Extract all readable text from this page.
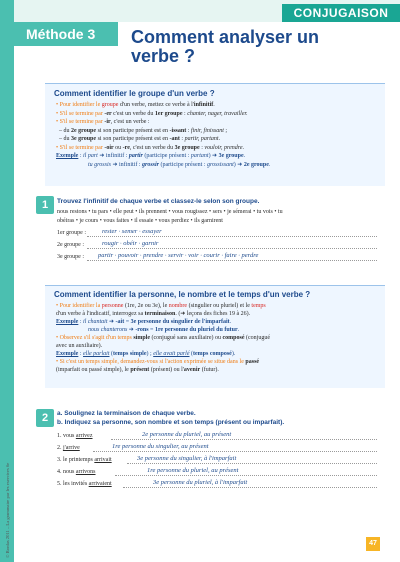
© Bordas 2011 – La grammaire par les exercices 6e
CONJUGAISON
Méthode 3 Comment analyser un verbe ?
Comment identifier le groupe d'un verbe ?
• Pour identifier le groupe d'un verbe, mettez ce verbe à l'infinitif.
• S'il se termine par -er c'est un verbe du 1er groupe : chanter, nager, travailler.
• S'il se termine par -ir, c'est un verbe :
– du 2e groupe si son participe présent est en -issant : finir, finissant ;
– du 3e groupe si son participe présent est en -ant : partir, partant.
• S'il se termine par -oir ou -re, c'est un verbe du 3e groupe : vouloir, prendre.
Exemple : il part ➜ infinitif : partir (participe présent : partant) ➜ 3e groupe.
tu grossis ➜ infinitif : grossir (participe présent : grossissant) ➜ 2e groupe.
1	Trouvez l'infinitif de chaque verbe et classez-le selon son groupe.
nous restons • tu pars • elle peut • ils prennent • vous rougissez • sers • je sémerai • tu vois • tu
obéiras • je cours • vous faites • il essaie • vous perdiez • ils garnirent
1er groupe : rester · semer · essayer
2e groupe :	rougir · obéir · garnir
3e groupe : partir · pouvoir · prendre · servir · voir · courir · faire · perdre
Comment identifier la personne, le nombre et le temps d'un verbe ?
• Pour identifier la personne (1re, 2e ou 3e), le nombre (singulier ou pluriel) et le temps
d'un verbe à l'indicatif, interrogez sa terminaison. (➜ leçons des fiches 19 à 26).
Exemple : il chantait ➜ -ait = 3e personne du singulier de l'imparfait.
nous chanterons ➜ -rons = 1re personne du pluriel du futur.
• Observez s'il s'agit d'un temps simple (conjugué sans auxiliaire) ou composé (conjugué
avec un auxiliaire).
Exemple : elle parlait (temps simple) ; elle avait parlé (temps composé).
• Si c'est un temps simple, demandez-vous si l'action exprimée se situe dans le passé
(imparfait ou passé simple), le présent (présent) ou l'avenir (futur).
2	a. Soulignez la terminaison de chaque verbe.
b. Indiquez sa personne, son nombre et son temps (présent ou imparfait).
1. vous arrivez	2e personne du pluriel, au présent
2. j'arrive	1re personne du singulier, au présent
3. le printemps arrivait	3e personne du singulier, à l'imparfait
4. nous arrivons	1re personne du pluriel, au présent
5. les invités arrivaient	3e personne du pluriel, à l'imparfait
47
